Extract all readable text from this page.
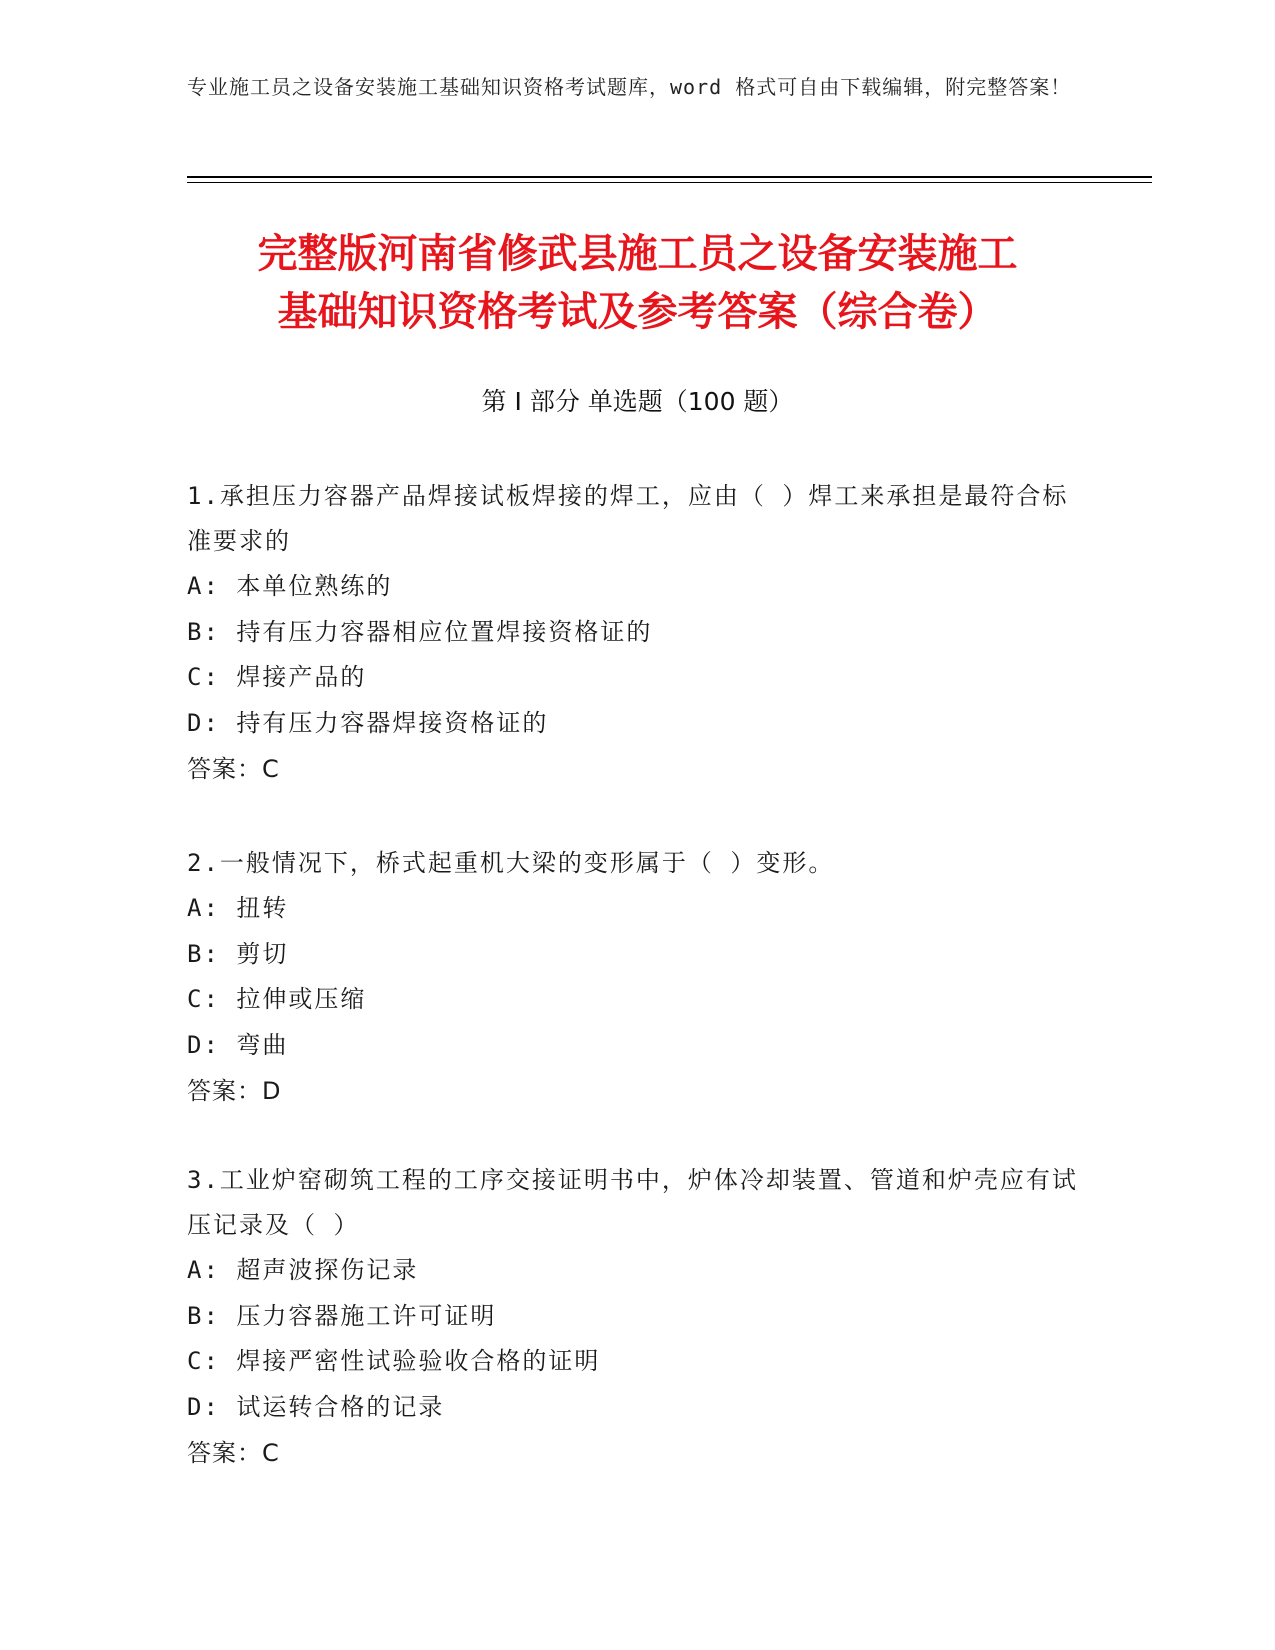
专业施工员之设备安装施工基础知识资格考试题库，word 格式可自由下载编辑，附完整答案！
完整版河南省修武县施工员之设备安装施工
基础知识资格考试及参考答案（综合卷）
第 I 部分 单选题（100 题）
1.承担压力容器产品焊接试板焊接的焊工，应由（ ）焊工来承担是最符合标准要求的
A: 本单位熟练的
B: 持有压力容器相应位置焊接资格证的
C: 焊接产品的
D: 持有压力容器焊接资格证的
答案：C
2.一般情况下，桥式起重机大梁的变形属于（ ）变形。
A: 扭转
B: 剪切
C: 拉伸或压缩
D: 弯曲
答案：D
3.工业炉窑砌筑工程的工序交接证明书中，炉体冷却装置、管道和炉壳应有试压记录及（ ）
A: 超声波探伤记录
B: 压力容器施工许可证明
C: 焊接严密性试验验收合格的证明
D: 试运转合格的记录
答案：C
